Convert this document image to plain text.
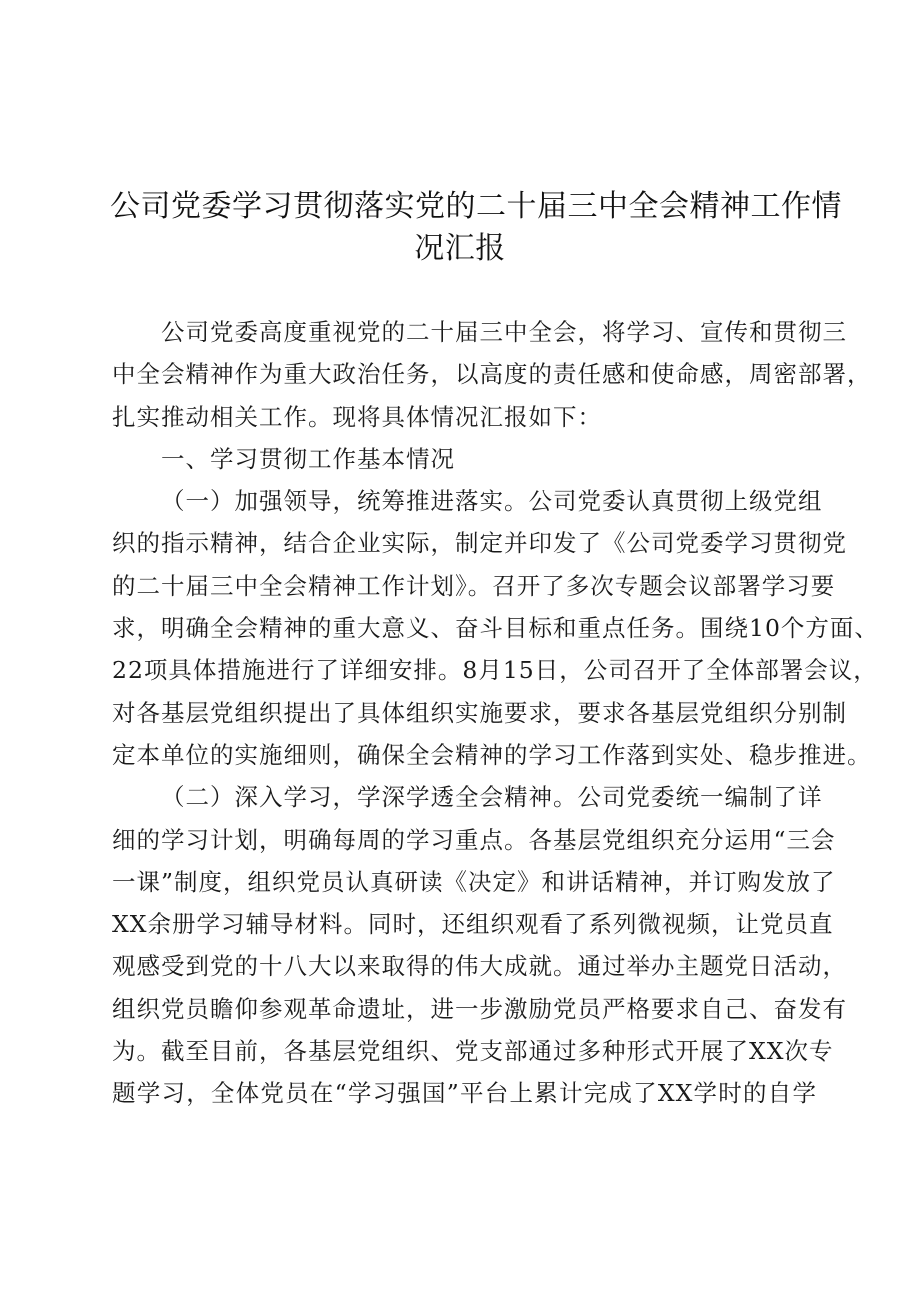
公司党委学习贯彻落实党的二十届三中全会精神工作情
况汇报
公司党委高度重视党的二十届三中全会，将学习、宣传和贯彻三
中全会精神作为重大政治任务，以高度的责任感和使命感，周密部署，
扎实推动相关工作。现将具体情况汇报如下：
一、学习贯彻工作基本情况
（一）加强领导，统筹推进落实。公司党委认真贯彻上级党组
织的指示精神，结合企业实际，制定并印发了《公司党委学习贯彻党
的二十届三中全会精神工作计划》。召开了多次专题会议部署学习要
求，明确全会精神的重大意义、奋斗目标和重点任务。围绕10个方面、
22项具体措施进行了详细安排。8月15日，公司召开了全体部署会议，
对各基层党组织提出了具体组织实施要求，要求各基层党组织分别制
定本单位的实施细则，确保全会精神的学习工作落到实处、稳步推进。
（二）深入学习，学深学透全会精神。公司党委统一编制了详
细的学习计划，明确每周的学习重点。各基层党组织充分运用“三会
一课”制度，组织党员认真研读《决定》和讲话精神，并订购发放了
XX余册学习辅导材料。同时，还组织观看了系列微视频，让党员直
观感受到党的十八大以来取得的伟大成就。通过举办主题党日活动，
组织党员瞻仰参观革命遗址，进一步激励党员严格要求自己、奋发有
为。截至目前，各基层党组织、党支部通过多种形式开展了XX次专
题学习，全体党员在“学习强国”平台上累计完成了XX学时的自学
